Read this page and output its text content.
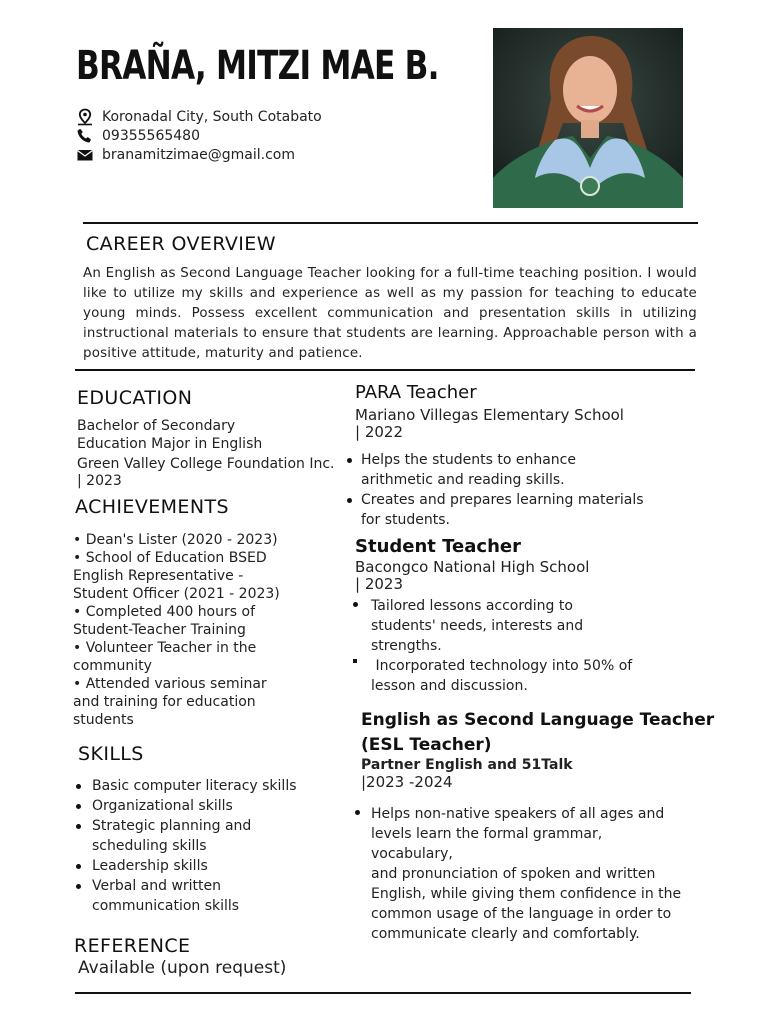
BRAÑA, MITZI MAE B.
Koronadal City, South Cotabato
09355565480
branamitzimae@gmail.com
CAREER OVERVIEW

An English as Second Language Teacher looking for a full-time teaching position. I would like to utilize my skills and experience as well as my passion for teaching to educate young minds. Possess excellent communication and presentation skills in utilizing instructional materials to ensure that students are learning. Approachable person with a positive attitude, maturity and patience.

EDUCATION
Bachelor of Secondary
Education Major in English
Green Valley College Foundation Inc.
| 2023
ACHIEVEMENTS
• Dean's Lister (2020 - 2023)
• School of Education BSED
English Representative -
Student Officer (2021 - 2023)
• Completed 400 hours of
Student-Teacher Training
• Volunteer Teacher in the
community
• Attended various seminar
and training for education
students
SKILLS
Basic computer literacy skills
Organizational skills
Strategic planning and
scheduling skills
Leadership skills
Verbal and written
communication skills
REFERENCE
Available (upon request)
PARA Teacher
Mariano Villegas Elementary School
| 2022
Helps the students to enhance
arithmetic and reading skills.
Creates and prepares learning materials
for students.
Student Teacher
Bacongco National High School
| 2023
Tailored lessons according to
students' needs, interests and
strengths.
Incorporated technology into 50% of
lesson and discussion.
English as Second Language Teacher
(ESL Teacher)
Partner English and 51Talk
|2023 -2024
Helps non-native speakers of all ages and
levels learn the formal grammar, vocabulary,
and pronunciation of spoken and written
English, while giving them confidence in the
common usage of the language in order to
communicate clearly and comfortably.
